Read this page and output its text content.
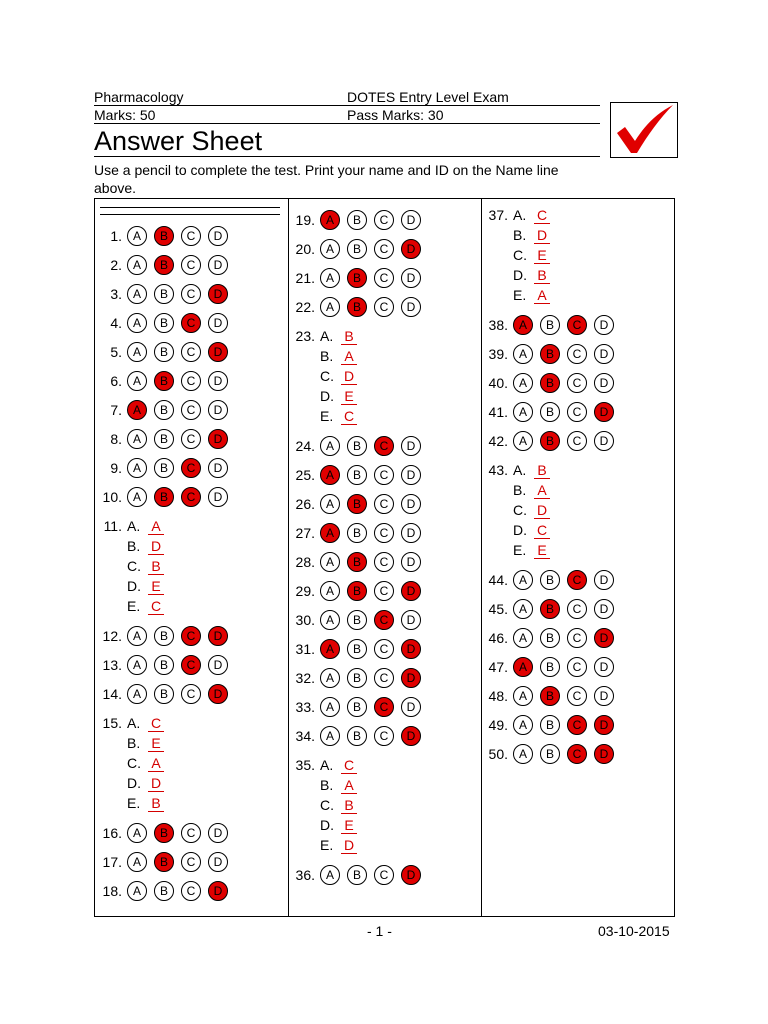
Pharmacology	DOTES Entry Level Exam
Marks: 50	Pass Marks: 30
Answer Sheet
Use a pencil to complete the test. Print your name and ID on the Name line above.
1. A	B	C	D
2. A	B	C	D
3. A	B	C	D
4. A	B	C	D
5. A	B	C	D
6. A	B	C	D
7. A	B	C	D
8. A	B	C	D
9. A	B	C	D
10. A	B	C	D
11. A. A
B. D
C. B
D. E
E. C
12. A	B	C	D
13. A	B	C	D
14. A	B	C	D
15. A. C
B. E
C. A
D. D
E. B
16. A	B	C	D
17. A	B	C	D
18. A	B	C	D
19. A	B	C	D
20. A	B	C	D
21. A	B	C	D
22. A	B	C	D
23. A. B
B. A
C. D
D. E
E. C
24. A	B	C	D
25. A	B	C	D
26. A	B	C	D
27. A	B	C	D
28. A	B	C	D
29. A	B	C	D
30. A	B	C	D
31. A	B	C	D
32. A	B	C	D
33. A	B	C	D
34. A	B	C	D
35. A. C
B. A
C. B
D. E
E. D
36. A	B	C	D
37. A. C
B. D
C. E
D. B
E. A
38. A	B	C	D
39. A	B	C	D
40. A	B	C	D
41. A	B	C	D
42. A	B	C	D
43. A. B
B. A
C. D
D. C
E. E
44. A	B	C	D
45. A	B	C	D
46. A	B	C	D
47. A	B	C	D
48. A	B	C	D
49. A	B	C	D
50. A	B	C	D
- 1 -	03-10-2015
